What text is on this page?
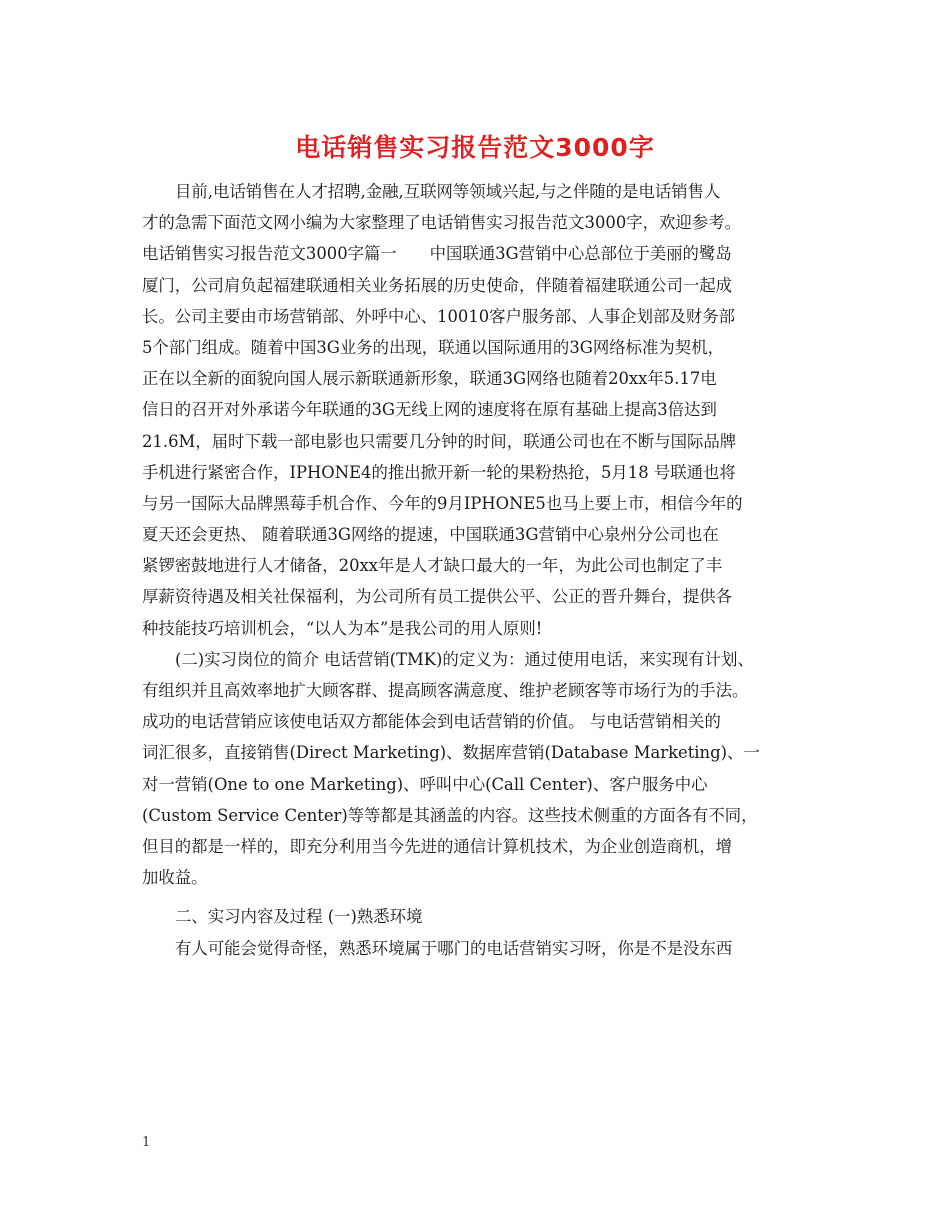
电话销售实习报告范文3000字
目前,电话销售在人才招聘,金融,互联网等领域兴起,与之伴随的是电话销售人
才的急需下面范文网小编为大家整理了电话销售实习报告范文3000字，欢迎参考。
电话销售实习报告范文3000字篇一　　中国联通3G营销中心总部位于美丽的鹭岛
厦门，公司肩负起福建联通相关业务拓展的历史使命，伴随着福建联通公司一起成
长。公司主要由市场营销部、外呼中心、10010客户服务部、人事企划部及财务部
5个部门组成。随着中国3G业务的出现，联通以国际通用的3G网络标准为契机，
正在以全新的面貌向国人展示新联通新形象，联通3G网络也随着20xx年5.17电
信日的召开对外承诺今年联通的3G无线上网的速度将在原有基础上提高3倍达到
21.6M，届时下载一部电影也只需要几分钟的时间，联通公司也在不断与国际品牌
手机进行紧密合作，IPHONE4的推出掀开新一轮的果粉热抢，5月18 号联通也将
与另一国际大品牌黑莓手机合作、今年的9月IPHONE5也马上要上市，相信今年的
夏天还会更热、 随着联通3G网络的提速，中国联通3G营销中心泉州分公司也在
紧锣密鼓地进行人才储备，20xx年是人才缺口最大的一年，为此公司也制定了丰
厚薪资待遇及相关社保福利，为公司所有员工提供公平、公正的晋升舞台，提供各
种技能技巧培训机会，“以人为本”是我公司的用人原则!
(二)实习岗位的简介 电话营销(TMK)的定义为：通过使用电话，来实现有计划、
有组织并且高效率地扩大顾客群、提高顾客满意度、维护老顾客等市场行为的手法。
成功的电话营销应该使电话双方都能体会到电话营销的价值。 与电话营销相关的
词汇很多，直接销售(Direct Marketing)、数据库营销(Database Marketing)、一
对一营销(One to one Marketing)、呼叫中心(Call Center)、客户服务中心
(Custom Service Center)等等都是其涵盖的内容。这些技术侧重的方面各有不同，
但目的都是一样的，即充分利用当今先进的通信计算机技术，为企业创造商机，增
加收益。
二、实习内容及过程 (一)熟悉环境
有人可能会觉得奇怪，熟悉环境属于哪门的电话营销实习呀，你是不是没东西
1
